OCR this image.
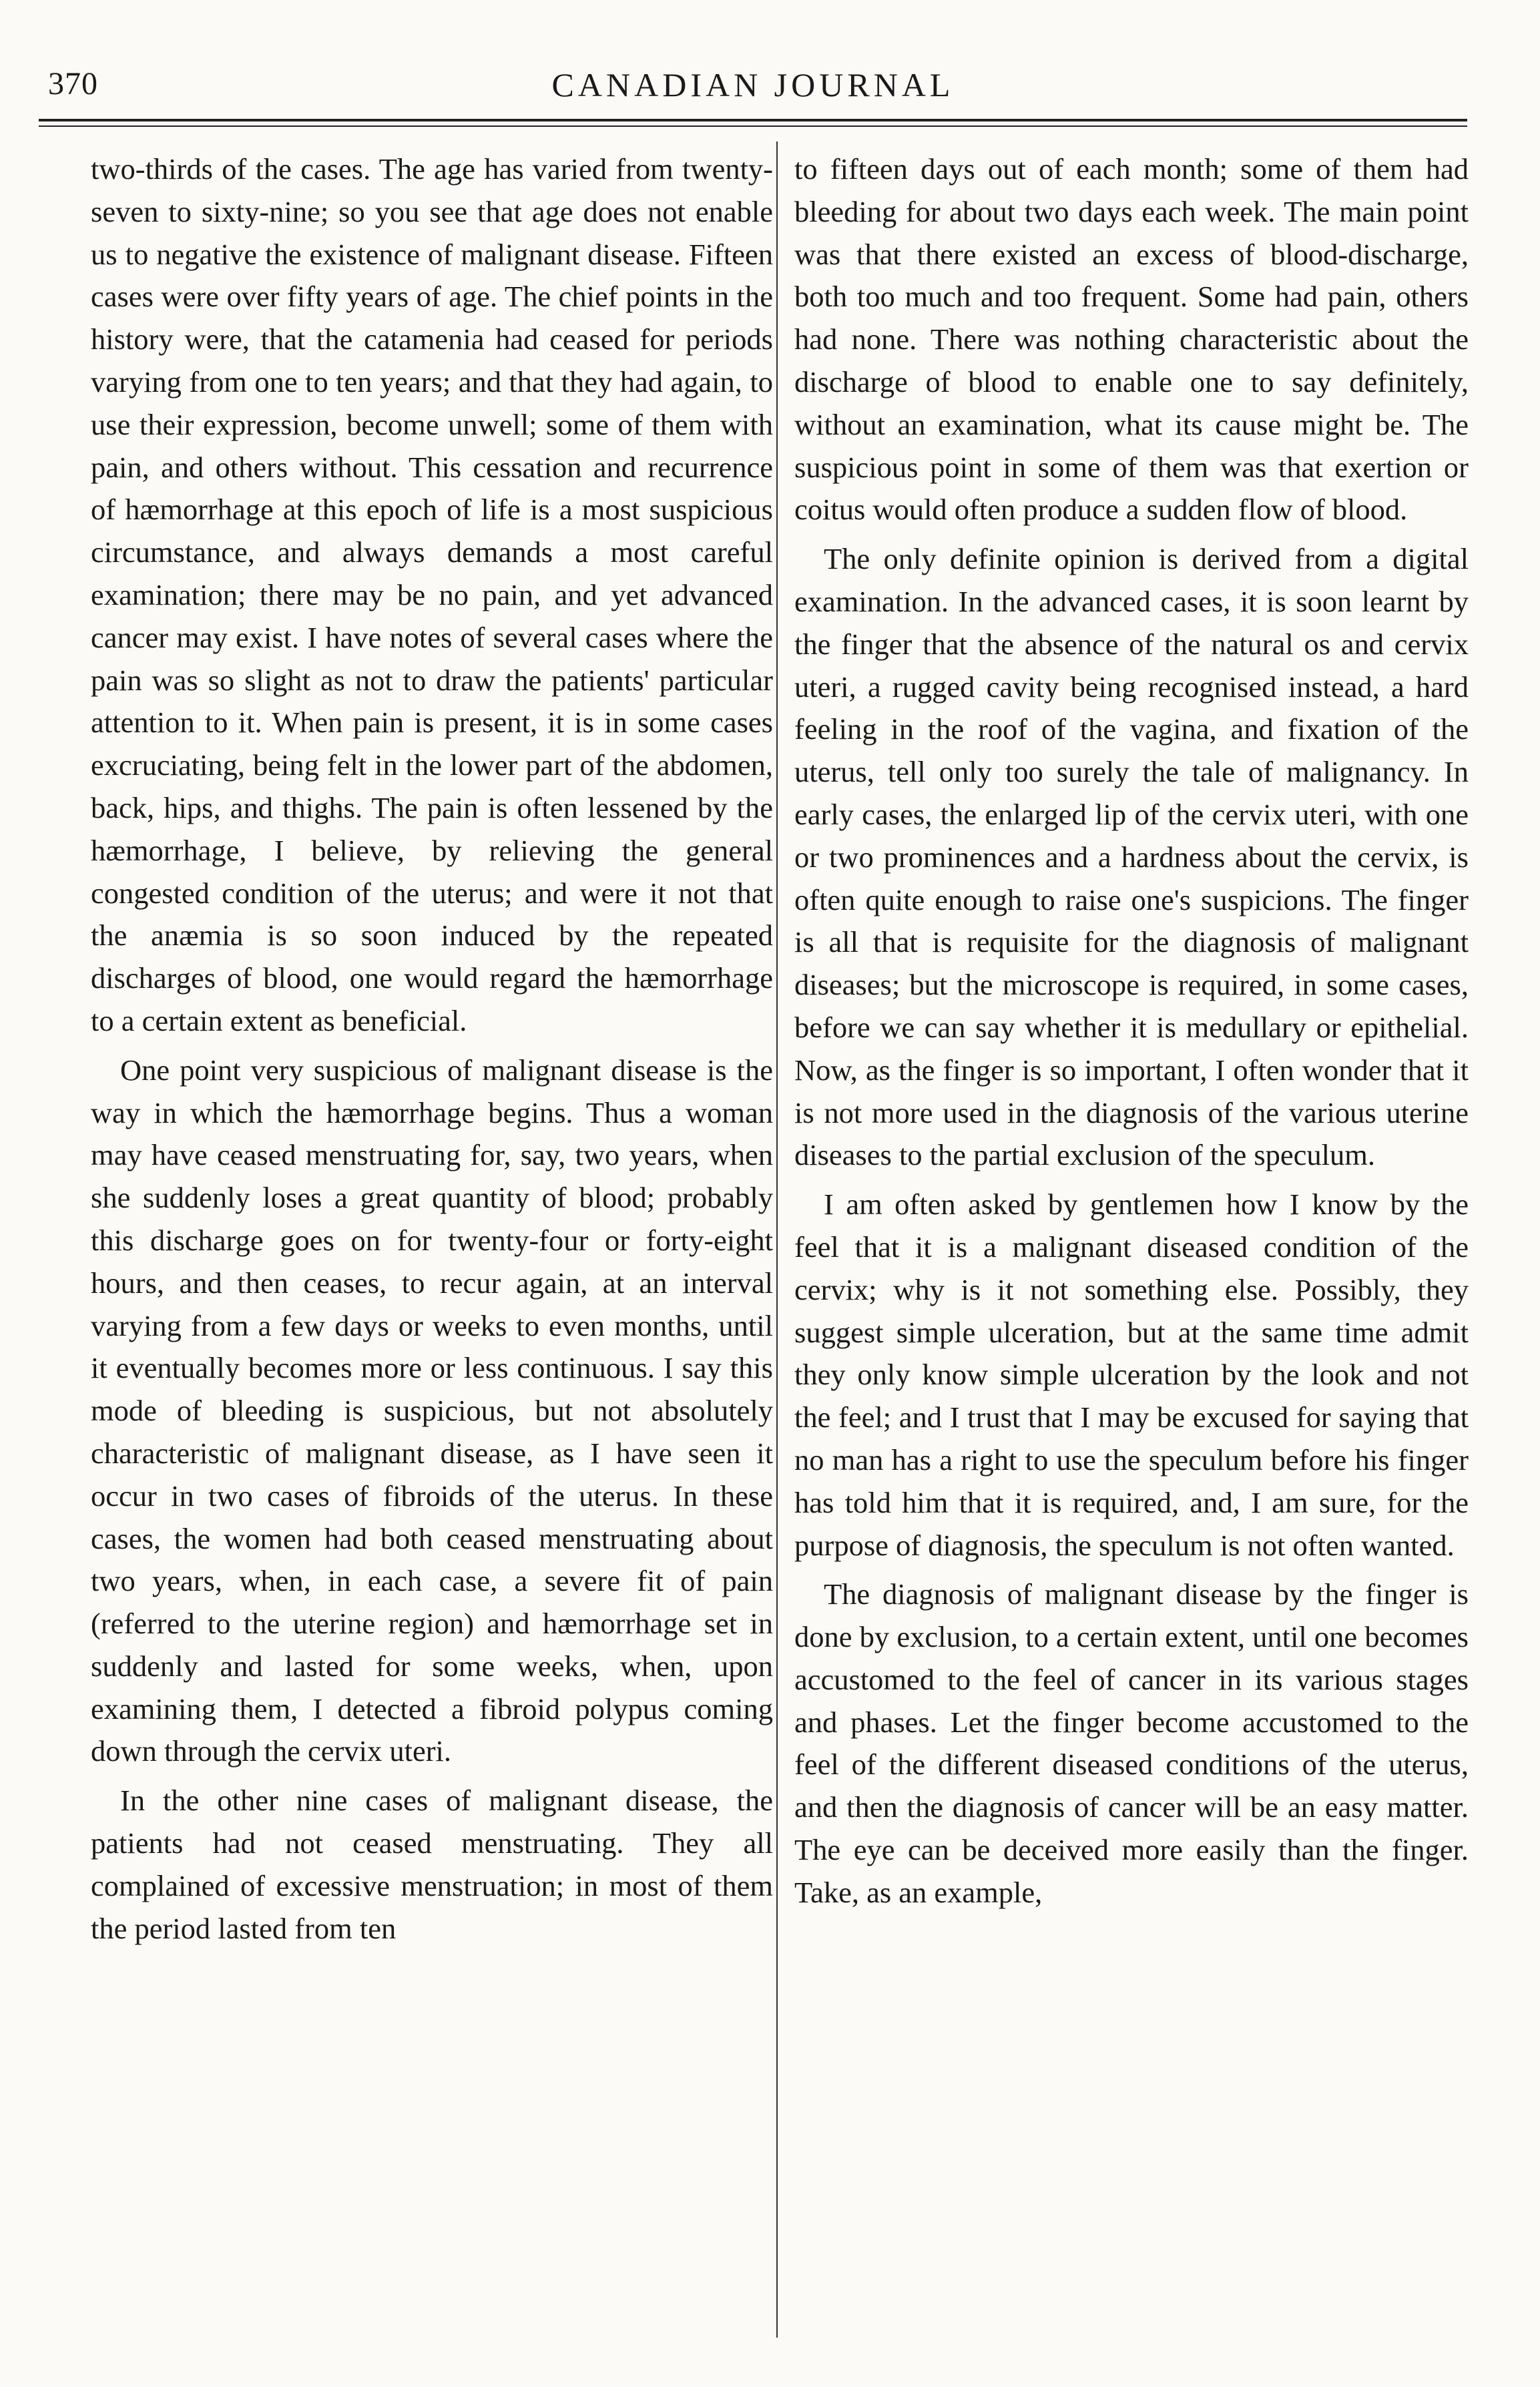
370	CANADIAN JOURNAL

two-thirds of the cases. The age has varied from twenty-seven to sixty-nine; so you see that age does not enable us to negative the existence of malignant disease. Fifteen cases were over fifty years of age. The chief points in the history were, that the catamenia had ceased for periods varying from one to ten years; and that they had again, to use their expression, become unwell; some of them with pain, and others without. This cessation and recurrence of hæmorrhage at this epoch of life is a most suspicious circumstance, and always demands a most careful examination; there may be no pain, and yet advanced cancer may exist. I have notes of several cases where the pain was so slight as not to draw the patients' particular attention to it. When pain is present, it is in some cases excruciating, being felt in the lower part of the abdomen, back, hips, and thighs. The pain is often lessened by the hæmorrhage, I believe, by relieving the general congested condition of the uterus; and were it not that the anæmia is so soon induced by the repeated discharges of blood, one would regard the hæmorrhage to a certain extent as beneficial.

One point very suspicious of malignant disease is the way in which the hæmorrhage begins. Thus a woman may have ceased menstruating for, say, two years, when she suddenly loses a great quantity of blood; probably this discharge goes on for twenty-four or forty-eight hours, and then ceases, to recur again, at an interval varying from a few days or weeks to even months, until it eventually becomes more or less continuous. I say this mode of bleeding is suspicious, but not absolutely characteristic of malignant disease, as I have seen it occur in two cases of fibroids of the uterus. In these cases, the women had both ceased menstruating about two years, when, in each case, a severe fit of pain (referred to the uterine region) and hæmorrhage set in suddenly and lasted for some weeks, when, upon examining them, I detected a fibroid polypus coming down through the cervix uteri.

In the other nine cases of malignant disease, the patients had not ceased menstruating. They all complained of excessive menstruation; in most of them the period lasted from ten

to fifteen days out of each month; some of them had bleeding for about two days each week. The main point was that there existed an excess of blood-discharge, both too much and too frequent. Some had pain, others had none. There was nothing characteristic about the discharge of blood to enable one to say definitely, without an examination, what its cause might be. The suspicious point in some of them was that exertion or coitus would often produce a sudden flow of blood.

The only definite opinion is derived from a digital examination. In the advanced cases, it is soon learnt by the finger that the absence of the natural os and cervix uteri, a rugged cavity being recognised instead, a hard feeling in the roof of the vagina, and fixation of the uterus, tell only too surely the tale of malignancy. In early cases, the enlarged lip of the cervix uteri, with one or two prominences and a hardness about the cervix, is often quite enough to raise one's suspicions. The finger is all that is requisite for the diagnosis of malignant diseases; but the microscope is required, in some cases, before we can say whether it is medullary or epithelial. Now, as the finger is so important, I often wonder that it is not more used in the diagnosis of the various uterine diseases to the partial exclusion of the speculum.

I am often asked by gentlemen how I know by the feel that it is a malignant diseased condition of the cervix; why is it not something else. Possibly, they suggest simple ulceration, but at the same time admit they only know simple ulceration by the look and not the feel; and I trust that I may be excused for saying that no man has a right to use the speculum before his finger has told him that it is required, and, I am sure, for the purpose of diagnosis, the speculum is not often wanted.

The diagnosis of malignant disease by the finger is done by exclusion, to a certain extent, until one becomes accustomed to the feel of cancer in its various stages and phases. Let the finger become accustomed to the feel of the different diseased conditions of the uterus, and then the diagnosis of cancer will be an easy matter. The eye can be deceived more easily than the finger. Take, as an example,
